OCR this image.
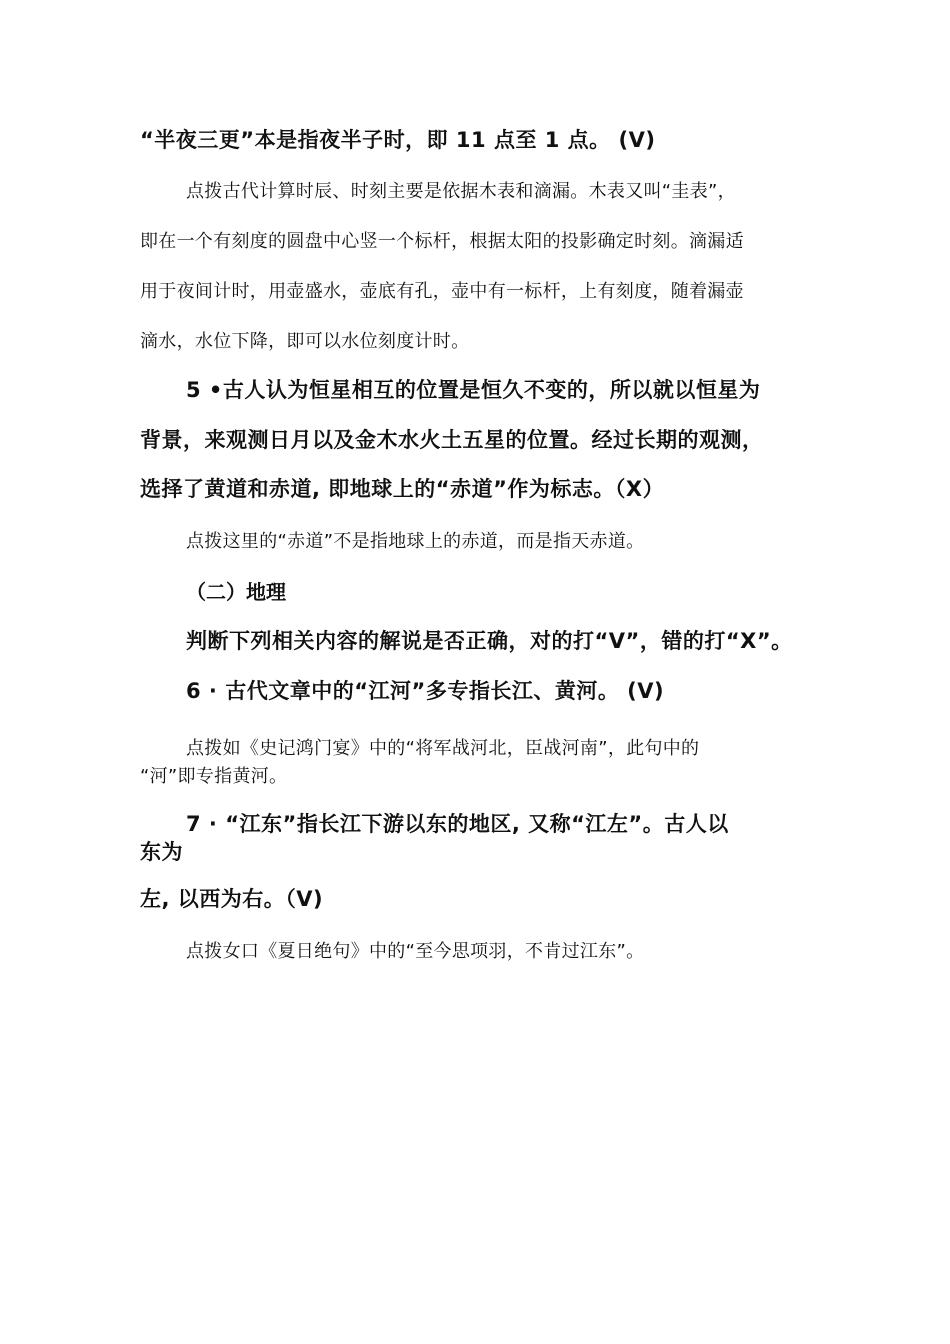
“半夜三更”本是指夜半子时，即 11 点至 1 点。 (V)

点拨古代计算时辰、时刻主要是依据木表和滴漏。木表又叫“圭表”，

即在一个有刻度的圆盘中心竖一个标杆，根据太阳的投影确定时刻。滴漏适

用于夜间计时，用壶盛水，壶底有孔，壶中有一标杆，上有刻度，随着漏壶

滴水，水位下降，即可以水位刻度计时。

5 •古人认为恒星相互的位置是恒久不变的，所以就以恒星为

背景，来观测日月以及金木水火土五星的位置。经过长期的观测，

选择了黄道和赤道, 即地球上的“赤道”作为标志。（X）

点拨这里的“赤道”不是指地球上的赤道，而是指天赤道。

（二）地理

判断下列相关内容的解说是否正确，对的打“V”，错的打“X”。

6 · 古代文章中的“江河”多专指长江、黄河。 (V)

点拨如《史记鸿门宴》中的“将军战河北，臣战河南”，此句中的

“河”即专指黄河。

7 · “江东”指长江下游以东的地区, 又称“江左”。古人以

东为

左, 以西为右。（V)

点拨女口《夏日绝句》中的“至今思项羽，不肯过江东”。
